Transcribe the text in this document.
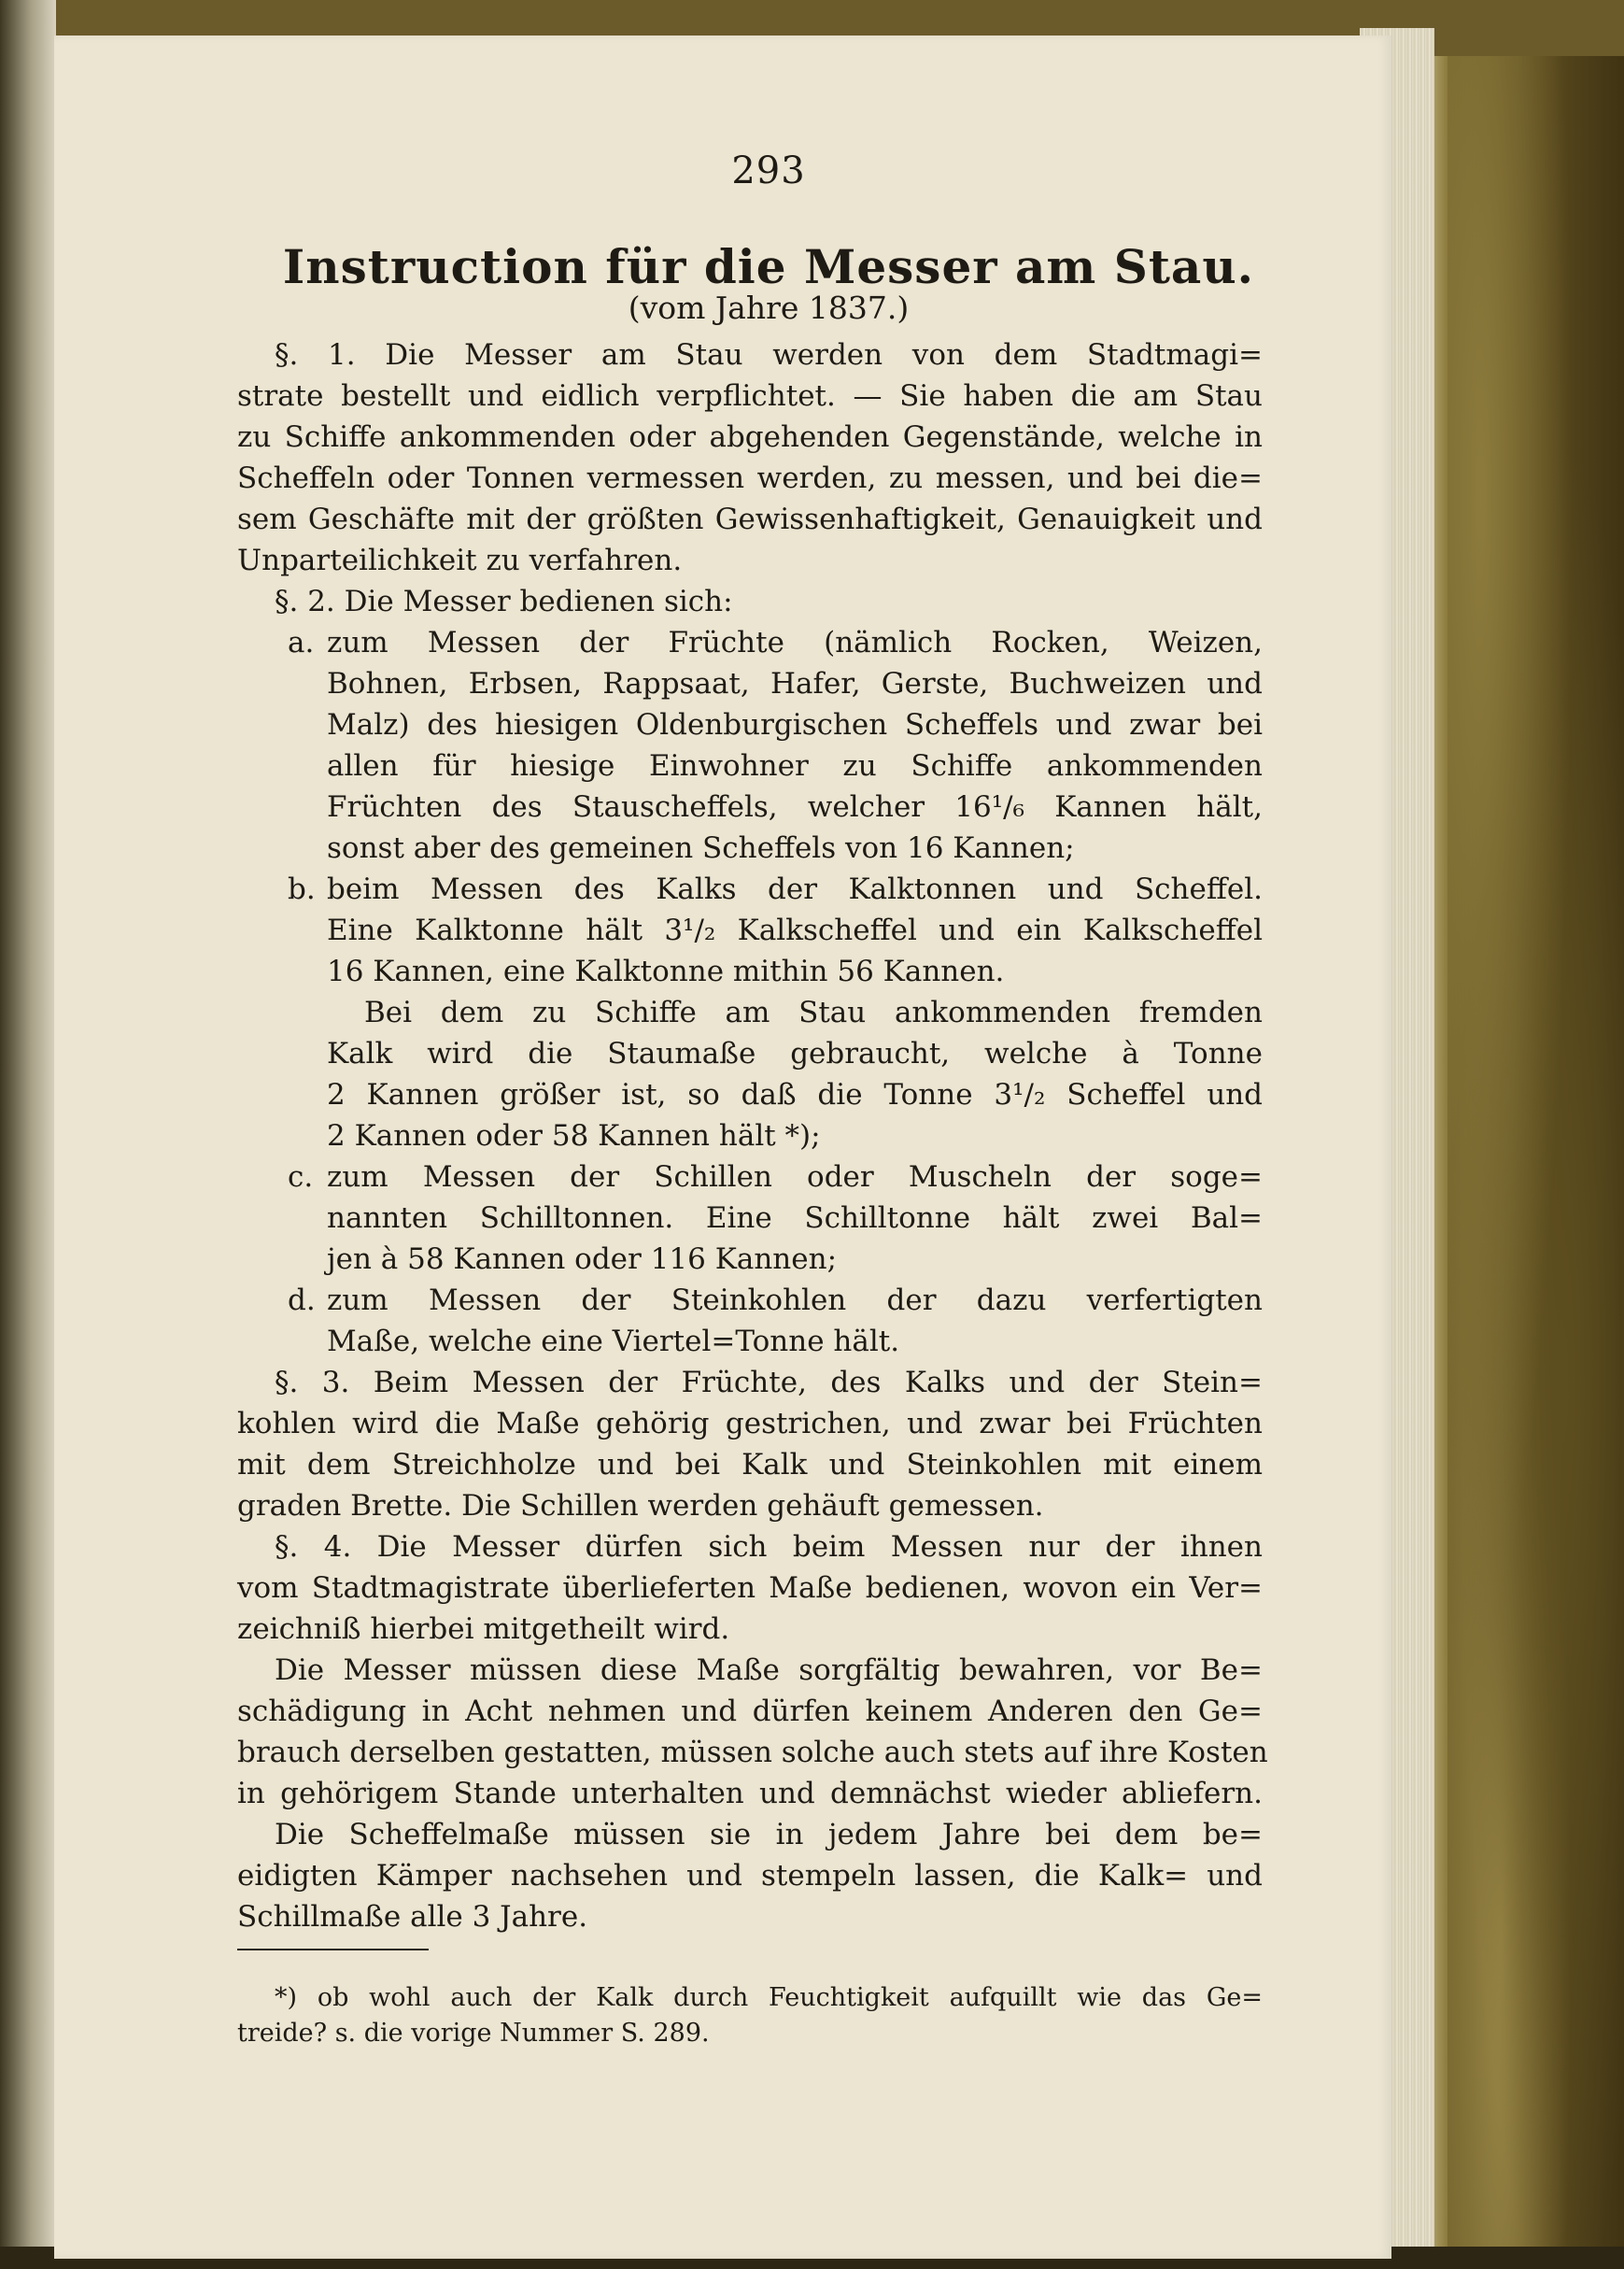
293
Instruction für die Messer am Stau.
(vom Jahre 1837.)
§. 1. Die Messer am Stau werden von dem Stadtmagi=
strate bestellt und eidlich verpflichtet. — Sie haben die am Stau
zu Schiffe ankommenden oder abgehenden Gegenstände, welche in
Scheffeln oder Tonnen vermessen werden, zu messen, und bei die=
sem Geschäfte mit der größten Gewissenhaftigkeit, Genauigkeit und
Unparteilichkeit zu verfahren.
§. 2. Die Messer bedienen sich:
a. zum Messen der Früchte (nämlich Rocken, Weizen,
Bohnen, Erbsen, Rappsaat, Hafer, Gerste, Buchweizen und
Malz) des hiesigen Oldenburgischen Scheffels und zwar bei
allen für hiesige Einwohner zu Schiffe ankommenden
Früchten des Stauscheffels, welcher 16¹/₆ Kannen hält,
sonst aber des gemeinen Scheffels von 16 Kannen;
b. beim Messen des Kalks der Kalktonnen und Scheffel.
Eine Kalktonne hält 3¹/₂ Kalkscheffel und ein Kalkscheffel
16 Kannen, eine Kalktonne mithin 56 Kannen.
Bei dem zu Schiffe am Stau ankommenden fremden
Kalk wird die Staumaße gebraucht, welche à Tonne
2 Kannen größer ist, so daß die Tonne 3¹/₂ Scheffel und
2 Kannen oder 58 Kannen hält *);
c. zum Messen der Schillen oder Muscheln der soge=
nannten Schilltonnen. Eine Schilltonne hält zwei Bal=
jen à 58 Kannen oder 116 Kannen;
d. zum Messen der Steinkohlen der dazu verfertigten
Maße, welche eine Viertel=Tonne hält.
§. 3. Beim Messen der Früchte, des Kalks und der Stein=
kohlen wird die Maße gehörig gestrichen, und zwar bei Früchten
mit dem Streichholze und bei Kalk und Steinkohlen mit einem
graden Brette. Die Schillen werden gehäuft gemessen.
§. 4. Die Messer dürfen sich beim Messen nur der ihnen
vom Stadtmagistrate überlieferten Maße bedienen, wovon ein Ver=
zeichniß hierbei mitgetheilt wird.
Die Messer müssen diese Maße sorgfältig bewahren, vor Be=
schädigung in Acht nehmen und dürfen keinem Anderen den Ge=
brauch derselben gestatten, müssen solche auch stets auf ihre Kosten
in gehörigem Stande unterhalten und demnächst wieder abliefern.
Die Scheffelmaße müssen sie in jedem Jahre bei dem be=
eidigten Kämper nachsehen und stempeln lassen, die Kalk= und
Schillmaße alle 3 Jahre.
*) ob wohl auch der Kalk durch Feuchtigkeit aufquillt wie das Ge=
treide? s. die vorige Nummer S. 289.
